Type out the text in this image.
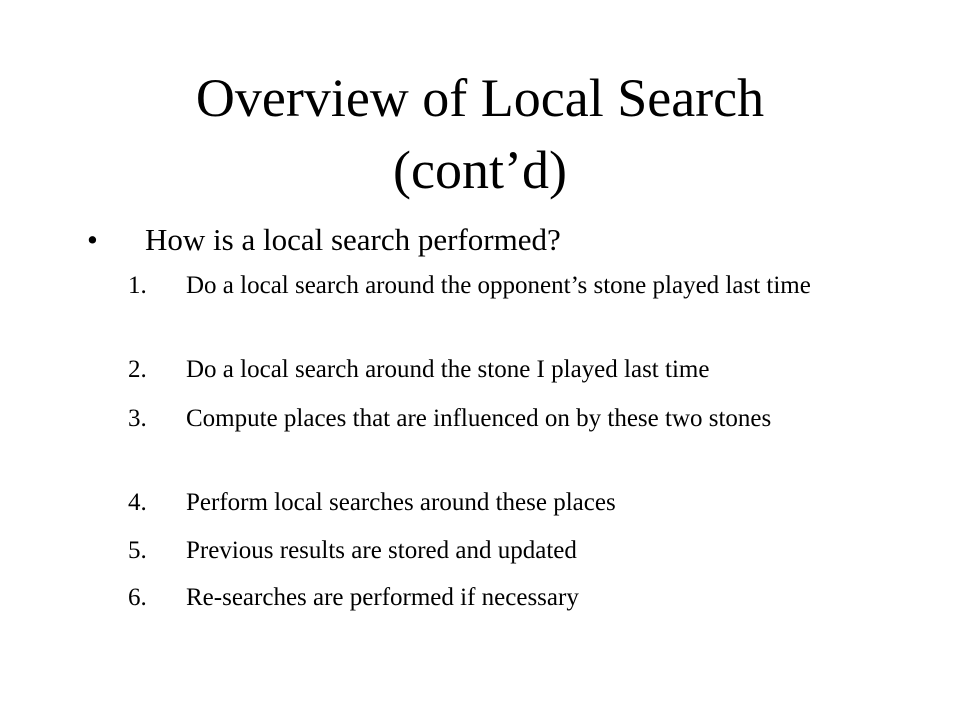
Overview of Local Search
(cont’d)
• How is a local search performed?
1.	Do a local search around the opponent’s stone played last time
2.	Do a local search around the stone I played last time
3.	Compute places that are influenced on by these two stones
4.	Perform local searches around these places
5.	Previous results are stored and updated
6.	Re-searches are performed if necessary
